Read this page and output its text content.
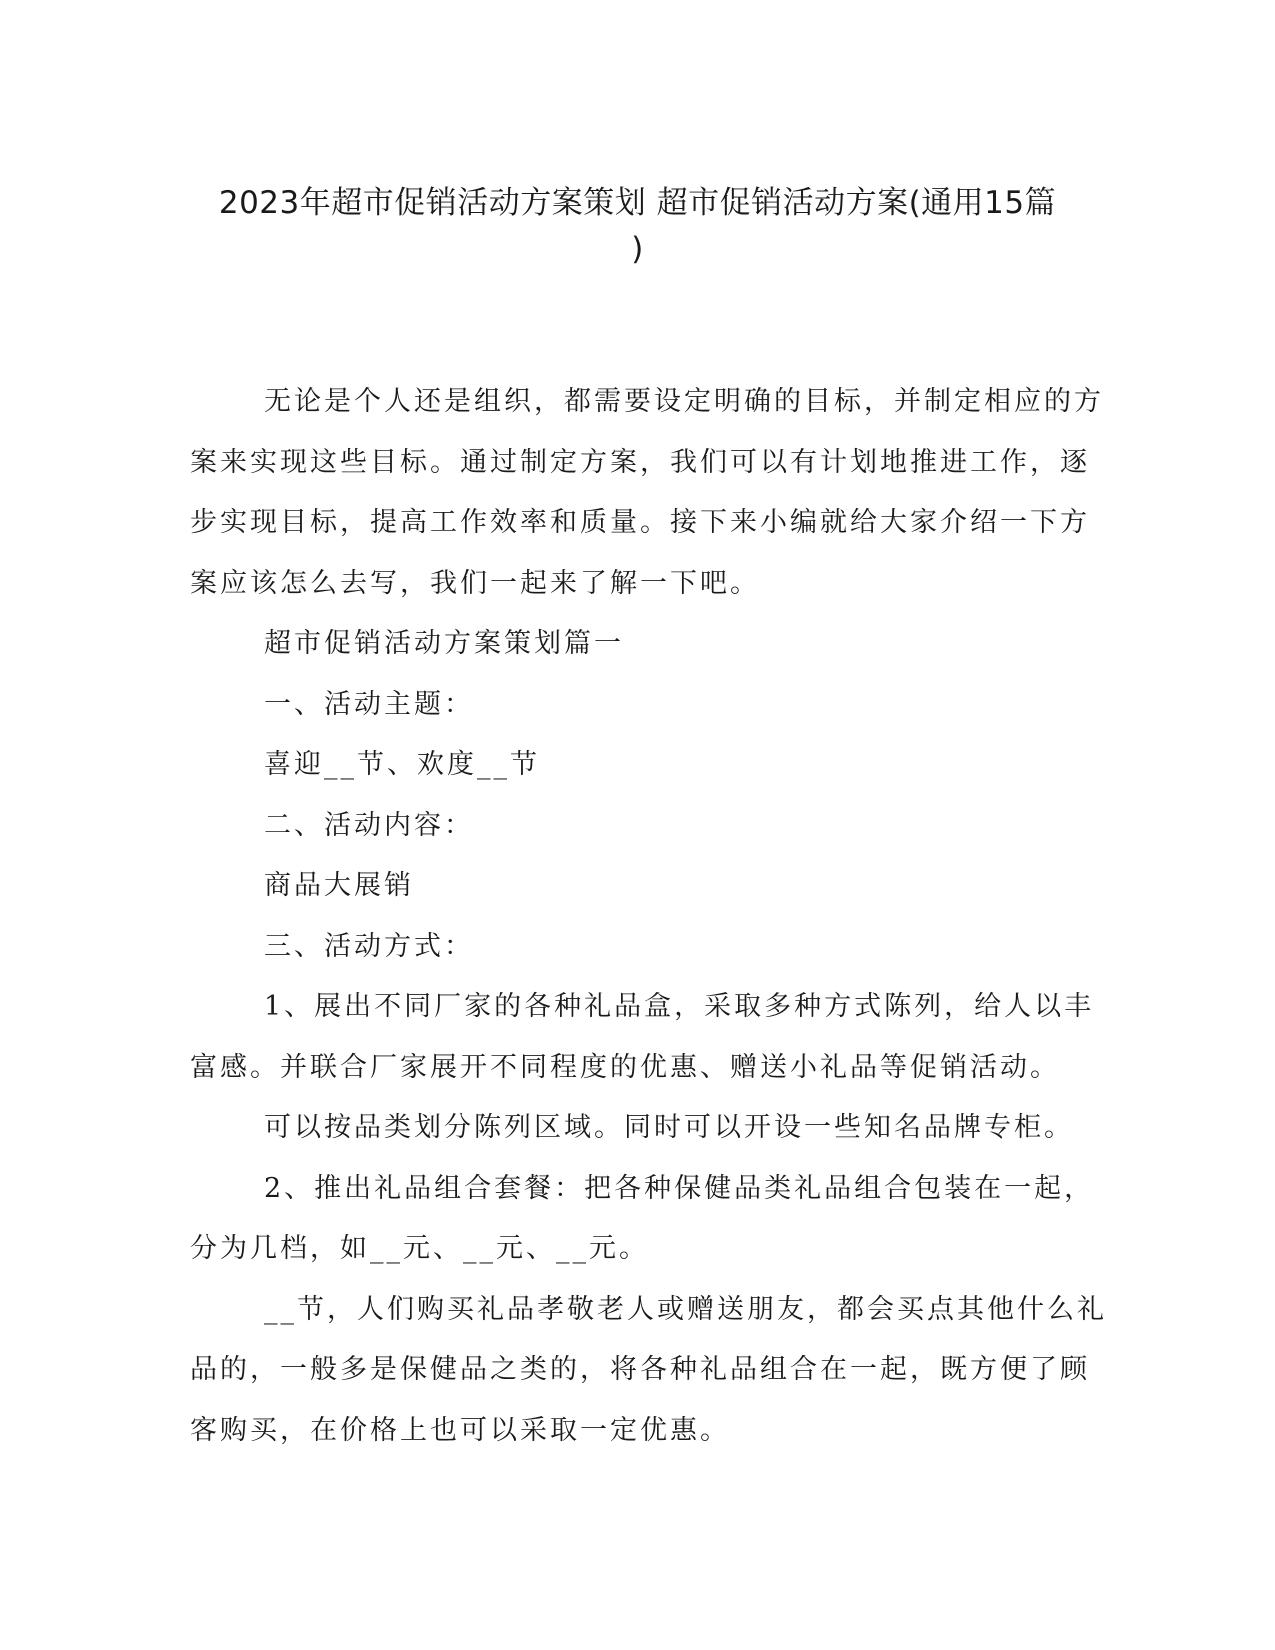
2023年超市促销活动方案策划 超市促销活动方案(通用15篇
)

无论是个人还是组织，都需要设定明确的目标，并制定相应的方
案来实现这些目标。通过制定方案，我们可以有计划地推进工作，逐
步实现目标，提高工作效率和质量。接下来小编就给大家介绍一下方
案应该怎么去写，我们一起来了解一下吧。

超市促销活动方案策划篇一

一、活动主题：

喜迎__节、欢度__节

二、活动内容：

商品大展销

三、活动方式：

1、展出不同厂家的各种礼品盒，采取多种方式陈列，给人以丰
富感。并联合厂家展开不同程度的优惠、赠送小礼品等促销活动。

可以按品类划分陈列区域。同时可以开设一些知名品牌专柜。

2、推出礼品组合套餐：把各种保健品类礼品组合包装在一起，
分为几档，如__元、__元、__元。

__节，人们购买礼品孝敬老人或赠送朋友，都会买点其他什么礼
品的，一般多是保健品之类的，将各种礼品组合在一起，既方便了顾
客购买，在价格上也可以采取一定优惠。
